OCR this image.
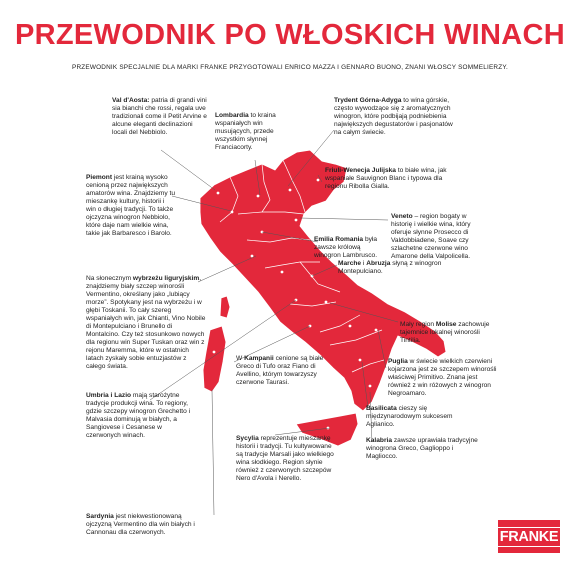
PRZEWODNIK PO WŁOSKICH WINACH
PRZEWODNIK SPECJALNIE DLA MARKI FRANKE PRZYGOTOWALI ENRICO MAZZA I GENNARO BUONO, ZNANI WŁOSCY SOMMELIERZY.
Val d'Aosta: patria di grandi vini sia bianchi che rossi, regala uve tradizionali come il Petit Arvine e alcune eleganti declinazioni locali del Nebbiolo.
Lombardia to kraina wspaniałych win musujących, przede wszystkim słynnej Franciacorty.
Trydent Górna-Adyga to wina górskie, często wywodzące się z aromatycznych winogron, które podbijają podniebienia największych degustatorów i pasjonatów na całym świecie.
Piemont jest krainą wysoko cenioną przez największych amatorów wina. Znajdziemy tu mieszankę kultury, historii i win o długiej tradycji. To także ojczyzna winogron Nebbiolo, które daje nam wielkie wina, takie jak Barbaresco i Barolo.
Friuli-Wenecja Julijska to białe wina, jak wspaniałe Sauvignon Blanc i typowa dla regionu Ribolla Gialla.
Veneto – region bogaty w historię i wielkie wina, który oferuje słynne Prosecco di Valdobbiadene, Soave czy szlachetne czerwone wino Amarone della Valpolicella.
Emilia Romania była zawsze królową winogron Lambrusco.
Na słonecznym wybrzeżu liguryjskim, znajdziemy biały szczep winorośli Vermentino, określany jako „lubiący morze”. Spotykany jest na wybrzeżu i w głębi Toskanii. To cały szereg wspaniałych win, jak Chianti, Vino Nobile di Montepulciano i Brunello di Montalcino. Czy też stosunkowo nowych dla regionu win Super Tuskan oraz win z rejonu Maremma, które w ostatnich latach zyskały sobie entuzjastów z całego świata.
Marche i Abruzja słyną z winogron Montepulciano.
Mały region Molise zachowuje tajemnice lokalnej winorośli Tintilia.
Umbria i Lazio mają starożytne tradycje produkcji wina. To regiony, gdzie szczepy winogron Grechetto i Malvasia dominują w białych, a Sangiovese i Cesanese w czerwonych winach.
W Kampanii cenione są białe Greco di Tufo oraz Fiano di Avellino, którym towarzyszy czerwone Taurasi.
Puglia w świecie wielkich czerwieni kojarzona jest ze szczepem winorośli właściwej Primitivo. Znana jest również z win różowych z winogron Negroamaro.
Basilicata cieszy się międzynarodowym sukcesem Aglianico.
Sycylia reprezentuje mieszankę historii i tradycji. Tu kultywowane są tradycje Marsali jako wielkiego wina słodkiego. Region słynie również z czerwonych szczepów Nero d'Avola i Nerello.
Kalabria zawsze uprawiała tradycyjne winogrona Greco, Gaglioppo i Magliocco.
Sardynia jest niekwestionowaną ojczyzną Vermentino dla win białych i Cannonau dla czerwonych.	FRANKE
